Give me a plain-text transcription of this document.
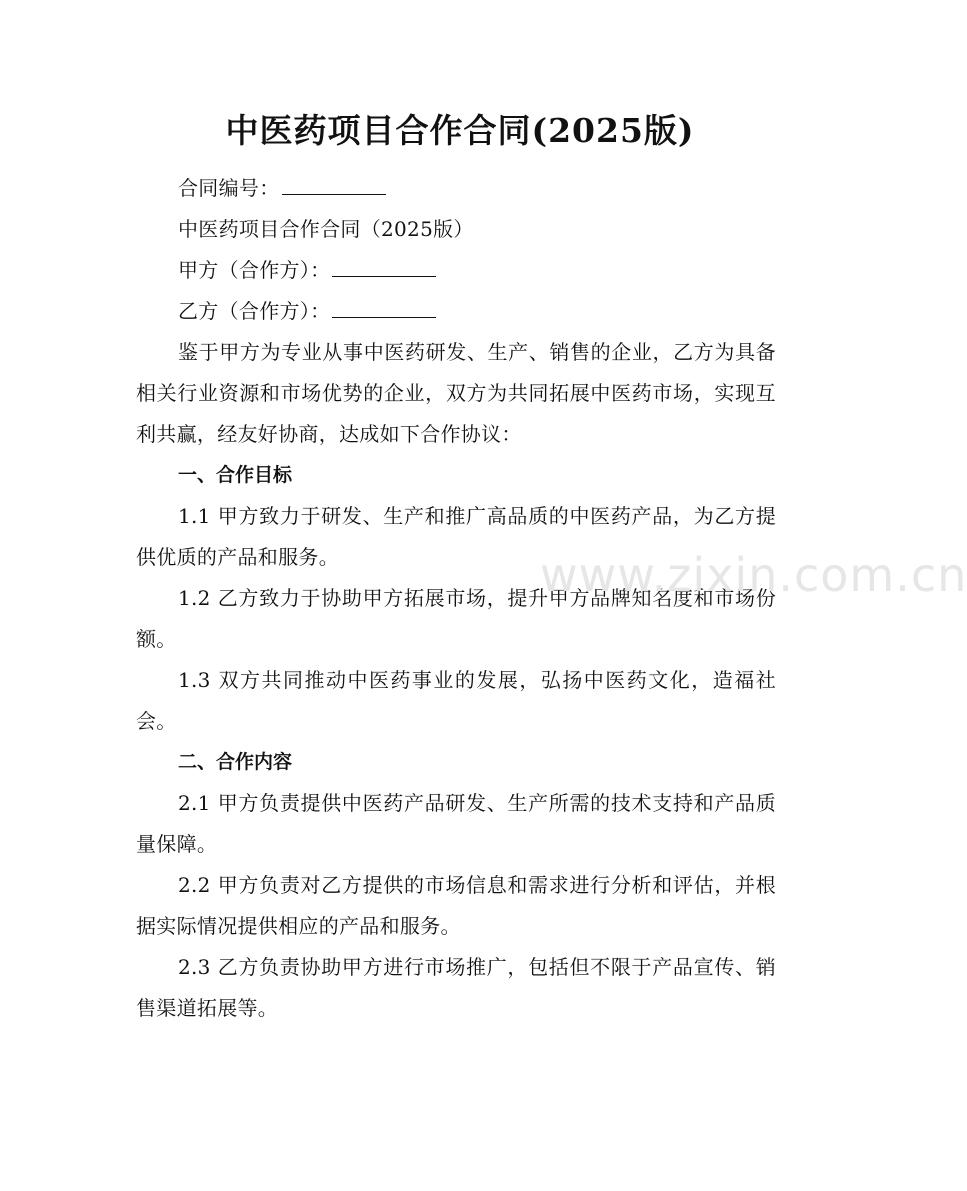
中医药项目合作合同(2025版)

合同编号：

中医药项目合作合同（2025版）

甲方（合作方）：

乙方（合作方）：

鉴于甲方为专业从事中医药研发、生产、销售的企业，乙方为具备相关行业资源和市场优势的企业，双方为共同拓展中医药市场，实现互利共赢，经友好协商，达成如下合作协议：

一、合作目标

1.1 甲方致力于研发、生产和推广高品质的中医药产品，为乙方提供优质的产品和服务。

1.2 乙方致力于协助甲方拓展市场，提升甲方品牌知名度和市场份额。

1.3 双方共同推动中医药事业的发展，弘扬中医药文化，造福社会。

二、合作内容

2.1 甲方负责提供中医药产品研发、生产所需的技术支持和产品质量保障。

2.2 甲方负责对乙方提供的市场信息和需求进行分析和评估，并根据实际情况提供相应的产品和服务。

2.3 乙方负责协助甲方进行市场推广，包括但不限于产品宣传、销售渠道拓展等。

www.zixin.com.cn
